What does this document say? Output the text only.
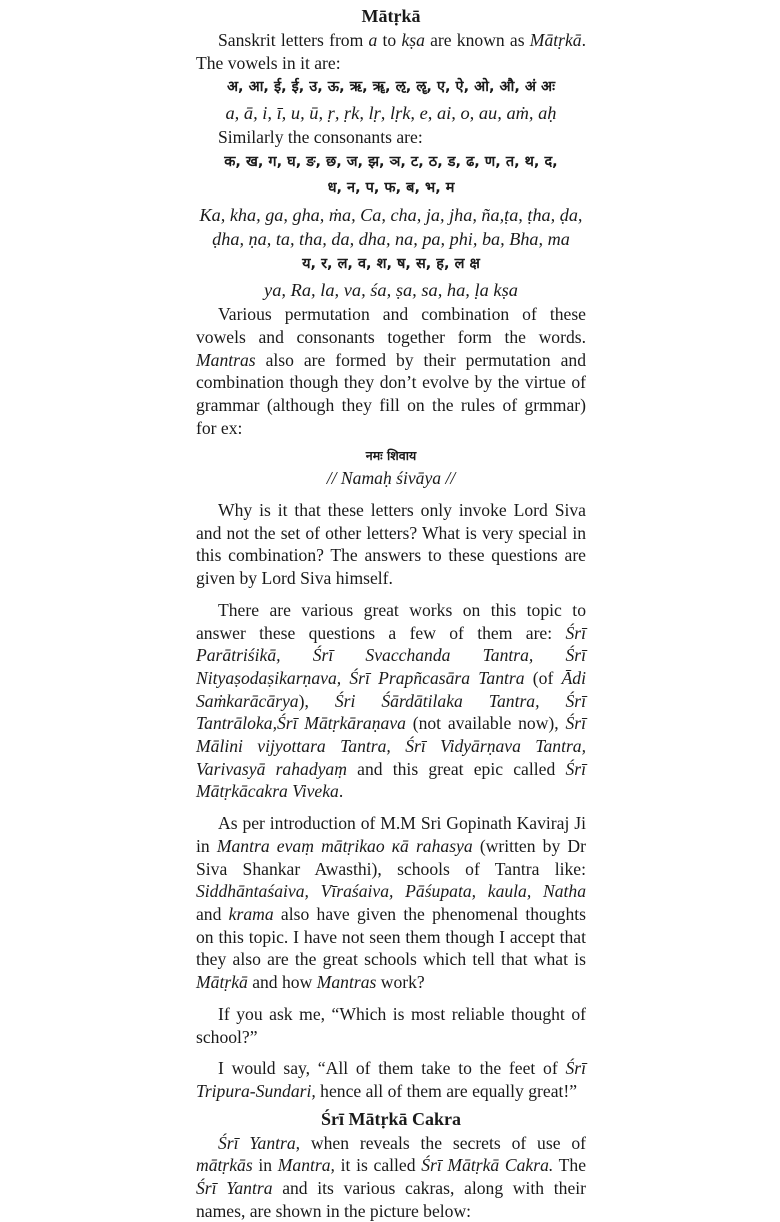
Mātṛkā

Sanskrit letters from a to kṣa are known as Mātṛkā. The vowels in it are:

अ, आ, ई, ई, उ, ऊ, ऋ, ॠ, ऌ, ॡ, ए, ऐ, ओ, औ, अं अः

a, ā, i, ī, u, ū, ṛ, ṛk, lṛ, lṛk, e, ai, o, au, aṁ, aḥ

Similarly the consonants are:

क, ख, ग, घ, ङ, छ, ज, झ, ञ, ट, ठ, ड, ढ, ण, त, थ, द,

ध, न, प, फ, ब, भ, म

Ka, kha, ga, gha, ṁa, Ca, cha, ja, jha, ña,ṭa, ṭha, ḍa, ḍha, ṇa, ta, tha, da, dha, na, pa, phi, ba, Bha, ma

य, र, ल, व, श, ष, स, ह, ल क्ष

ya, Ra, la, va, śa, ṣa, sa, ha, ḷa kṣa

Various permutation and combination of these vowels and consonants together form the words. Mantras also are formed by their permutation and combination though they don’t evolve by the virtue of grammar (although they fill on the rules of grmmar) for ex:

नमः शिवाय

// Namaḥ śivāya //

Why is it that these letters only invoke Lord Siva and not the set of other letters? What is very special in this combination? The answers to these questions are given by Lord Siva himself.

There are various great works on this topic to answer these questions a few of them are: Śrī Parātriśikā, Śrī Svacchanda Tantra, Śrī Nityaṣodaṣikarṇava, Śrī Prapñcasāra Tantra (of Ādi Saṁkarācārya), Śri Śārdātilaka Tantra, Śrī Tantrāloka,Śrī Mātṛkāraṇava (not available now), Śrī Mālini vijyottara Tantra, Śrī Vidyārṇava Tantra, Varivasyā rahadyaṃ and this great epic called Śrī Mātṛkācakra Viveka.

As per introduction of M.M Sri Gopinath Kaviraj Ji in Mantra evaṃ mātṛikao кā rahasya (written by Dr Siva Shankar Awasthi), schools of Tantra like: Siddhāntaśaiva, Vīraśaiva, Pāśupata, kaula, Natha and krama also have given the phenomenal thoughts on this topic. I have not seen them though I accept that they also are the great schools which tell that what is Mātṛkā and how Mantras work?

If you ask me, “Which is most reliable thought of school?”

I would say, “All of them take to the feet of Śrī Tripura-Sundari, hence all of them are equally great!”

Śrī Mātṛkā Cakra

Śrī Yantra, when reveals the secrets of use of mātṛkās in Mantra, it is called Śrī Mātṛkā Cakra. The Śrī Yantra and its various cakras, along with their names, are shown in the picture below:
